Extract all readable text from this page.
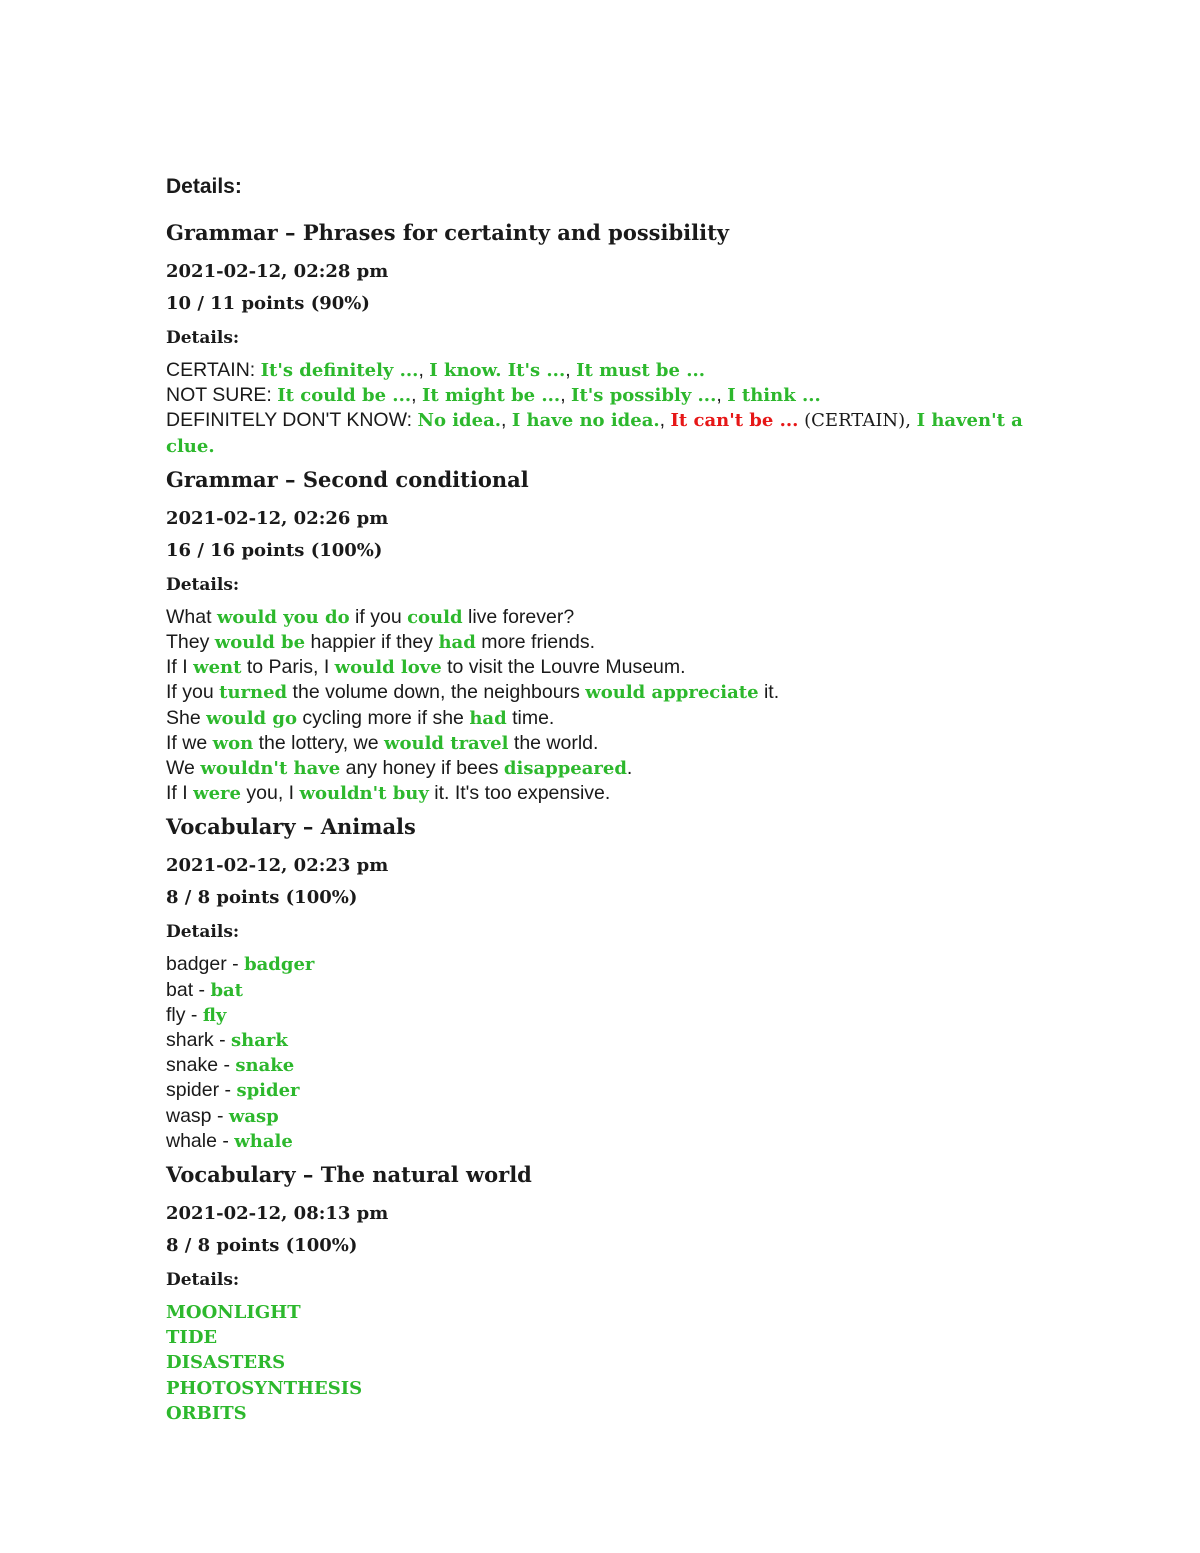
Details:
Grammar – Phrases for certainty and possibility
2021-02-12, 02:28 pm
10 / 11 points (90%)
Details:
CERTAIN: It's definitely ..., I know. It's ..., It must be ...
NOT SURE: It could be ..., It might be ..., It's possibly ..., I think ...
DEFINITELY DON'T KNOW: No idea., I have no idea., It can't be ... (CERTAIN), I haven't a clue.
Grammar – Second conditional
2021-02-12, 02:26 pm
16 / 16 points (100%)
Details:
What would you do if you could live forever?
They would be happier if they had more friends.
If I went to Paris, I would love to visit the Louvre Museum.
If you turned the volume down, the neighbours would appreciate it.
She would go cycling more if she had time.
If we won the lottery, we would travel the world.
We wouldn't have any honey if bees disappeared.
If I were you, I wouldn't buy it. It's too expensive.
Vocabulary – Animals
2021-02-12, 02:23 pm
8 / 8 points (100%)
Details:
badger - badger
bat - bat
fly - fly
shark - shark
snake - snake
spider - spider
wasp - wasp
whale - whale
Vocabulary – The natural world
2021-02-12, 08:13 pm
8 / 8 points (100%)
Details:
MOONLIGHT
TIDE
DISASTERS
PHOTOSYNTHESIS
ORBITS
